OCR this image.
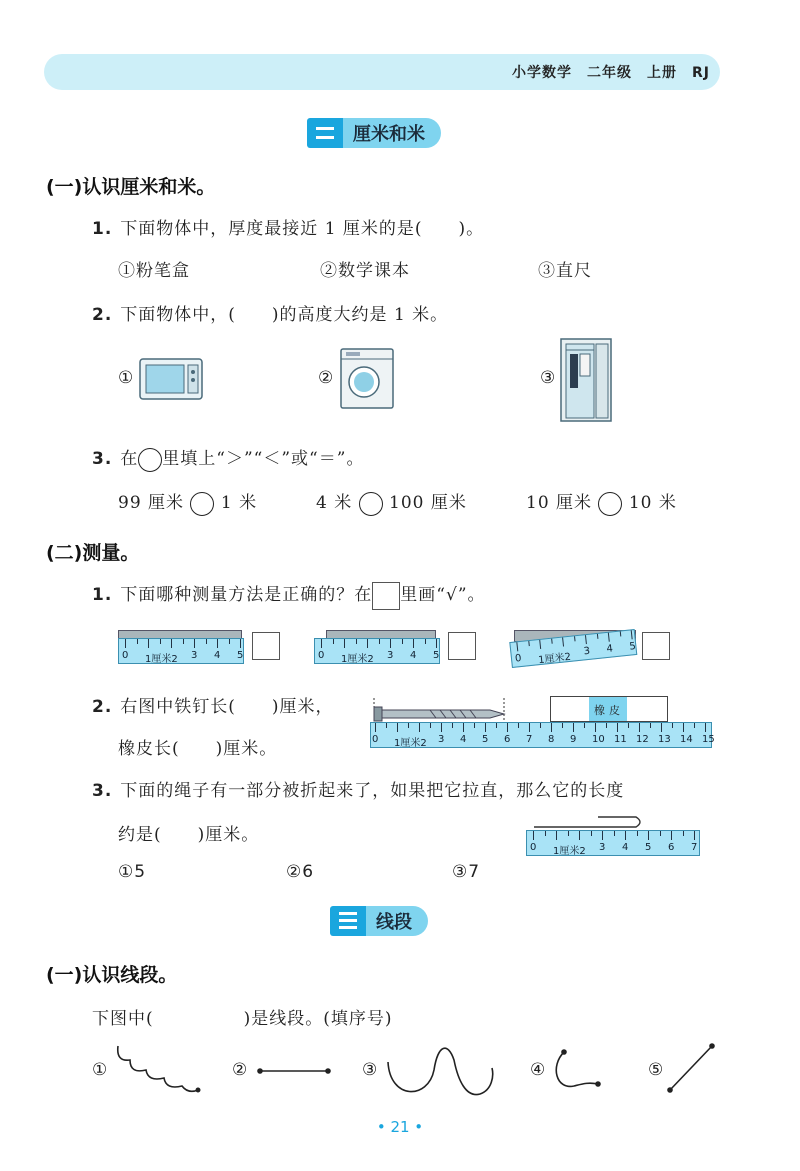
小学数学　二年级　上册　RJ
厘米和米
(一)认识厘米和米。
1. 下面物体中，厚度最接近 1 厘米的是(　　)。
①粉笔盒	②数学课本	③直尺
2. 下面物体中，(　　)的高度大约是 1 米。
①	②	③
3. 在 里填上“＞”“＜”或“＝”。
99 厘米 1 米	4 米 100 厘米	10 厘米 10 米
(二)测量。
1. 下面哪种测量方法是正确的？在 里画“√”。
0 1厘米2 3 4 5	0 1厘米2 3 4 5	0 1厘米2
3 4 5
2. 右图中铁钉长(　　)厘米，
橡皮长(　　)厘米。
橡皮
0 1厘米2 3 4 5 6 7 8 9 10 11 12 13 14 15
3. 下面的绳子有一部分被折起来了，如果把它拉直，那么它的长度
约是(　　)厘米。
0 1厘米2 3 4 5 6 7
①5	②6	③7
线段
(一)认识线段。
下图中(　　　　　)是线段。(填序号)
①	②	③	④	⑤
• 21 •
